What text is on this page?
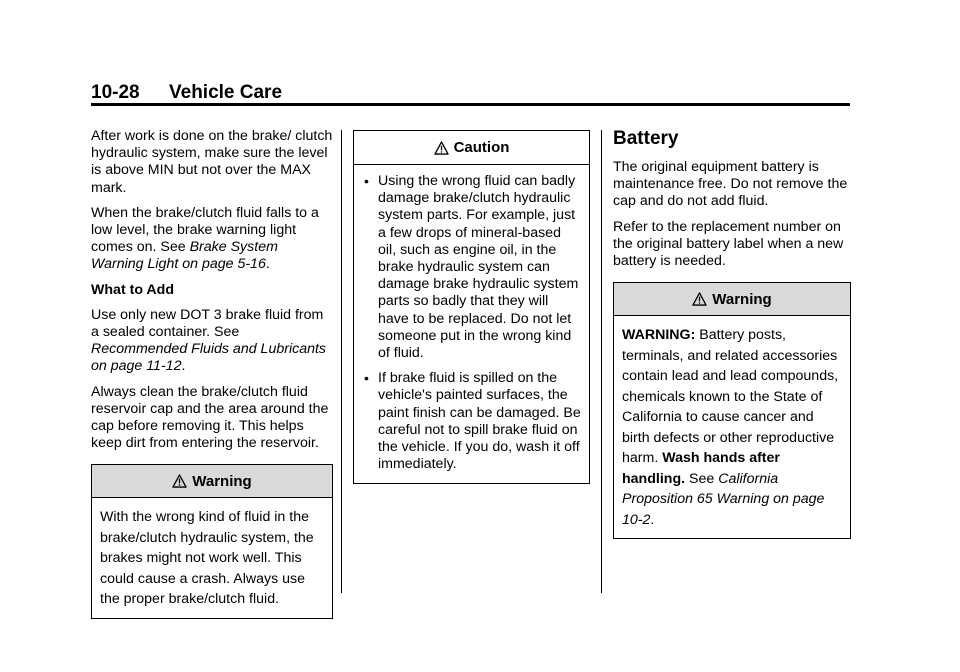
10-28 Vehicle Care

After work is done on the brake/ clutch hydraulic system, make sure the level is above MIN but not over the MAX mark.

When the brake/clutch fluid falls to a low level, the brake warning light comes on. See Brake System Warning Light on page 5-16.

What to Add

Use only new DOT 3 brake fluid from a sealed container. See Recommended Fluids and Lubricants on page 11-12.

Always clean the brake/clutch fluid reservoir cap and the area around the cap before removing it. This helps keep dirt from entering the reservoir.

Warning
With the wrong kind of fluid in the brake/clutch hydraulic system, the brakes might not work well. This could cause a crash. Always use the proper brake/clutch fluid.
Caution
• Using the wrong fluid can badly damage brake/clutch hydraulic system parts. For example, just a few drops of mineral-based oil, such as engine oil, in the brake hydraulic system can damage brake hydraulic system parts so badly that they will have to be replaced. Do not let someone put in the wrong kind of fluid.
• If brake fluid is spilled on the vehicle's painted surfaces, the paint finish can be damaged. Be careful not to spill brake fluid on the vehicle. If you do, wash it off immediately.
Battery

The original equipment battery is maintenance free. Do not remove the cap and do not add fluid.

Refer to the replacement number on the original battery label when a new battery is needed.

Warning
WARNING: Battery posts, terminals, and related accessories contain lead and lead compounds, chemicals known to the State of California to cause cancer and birth defects or other reproductive harm. Wash hands after handling. See California Proposition 65 Warning on page 10-2.
